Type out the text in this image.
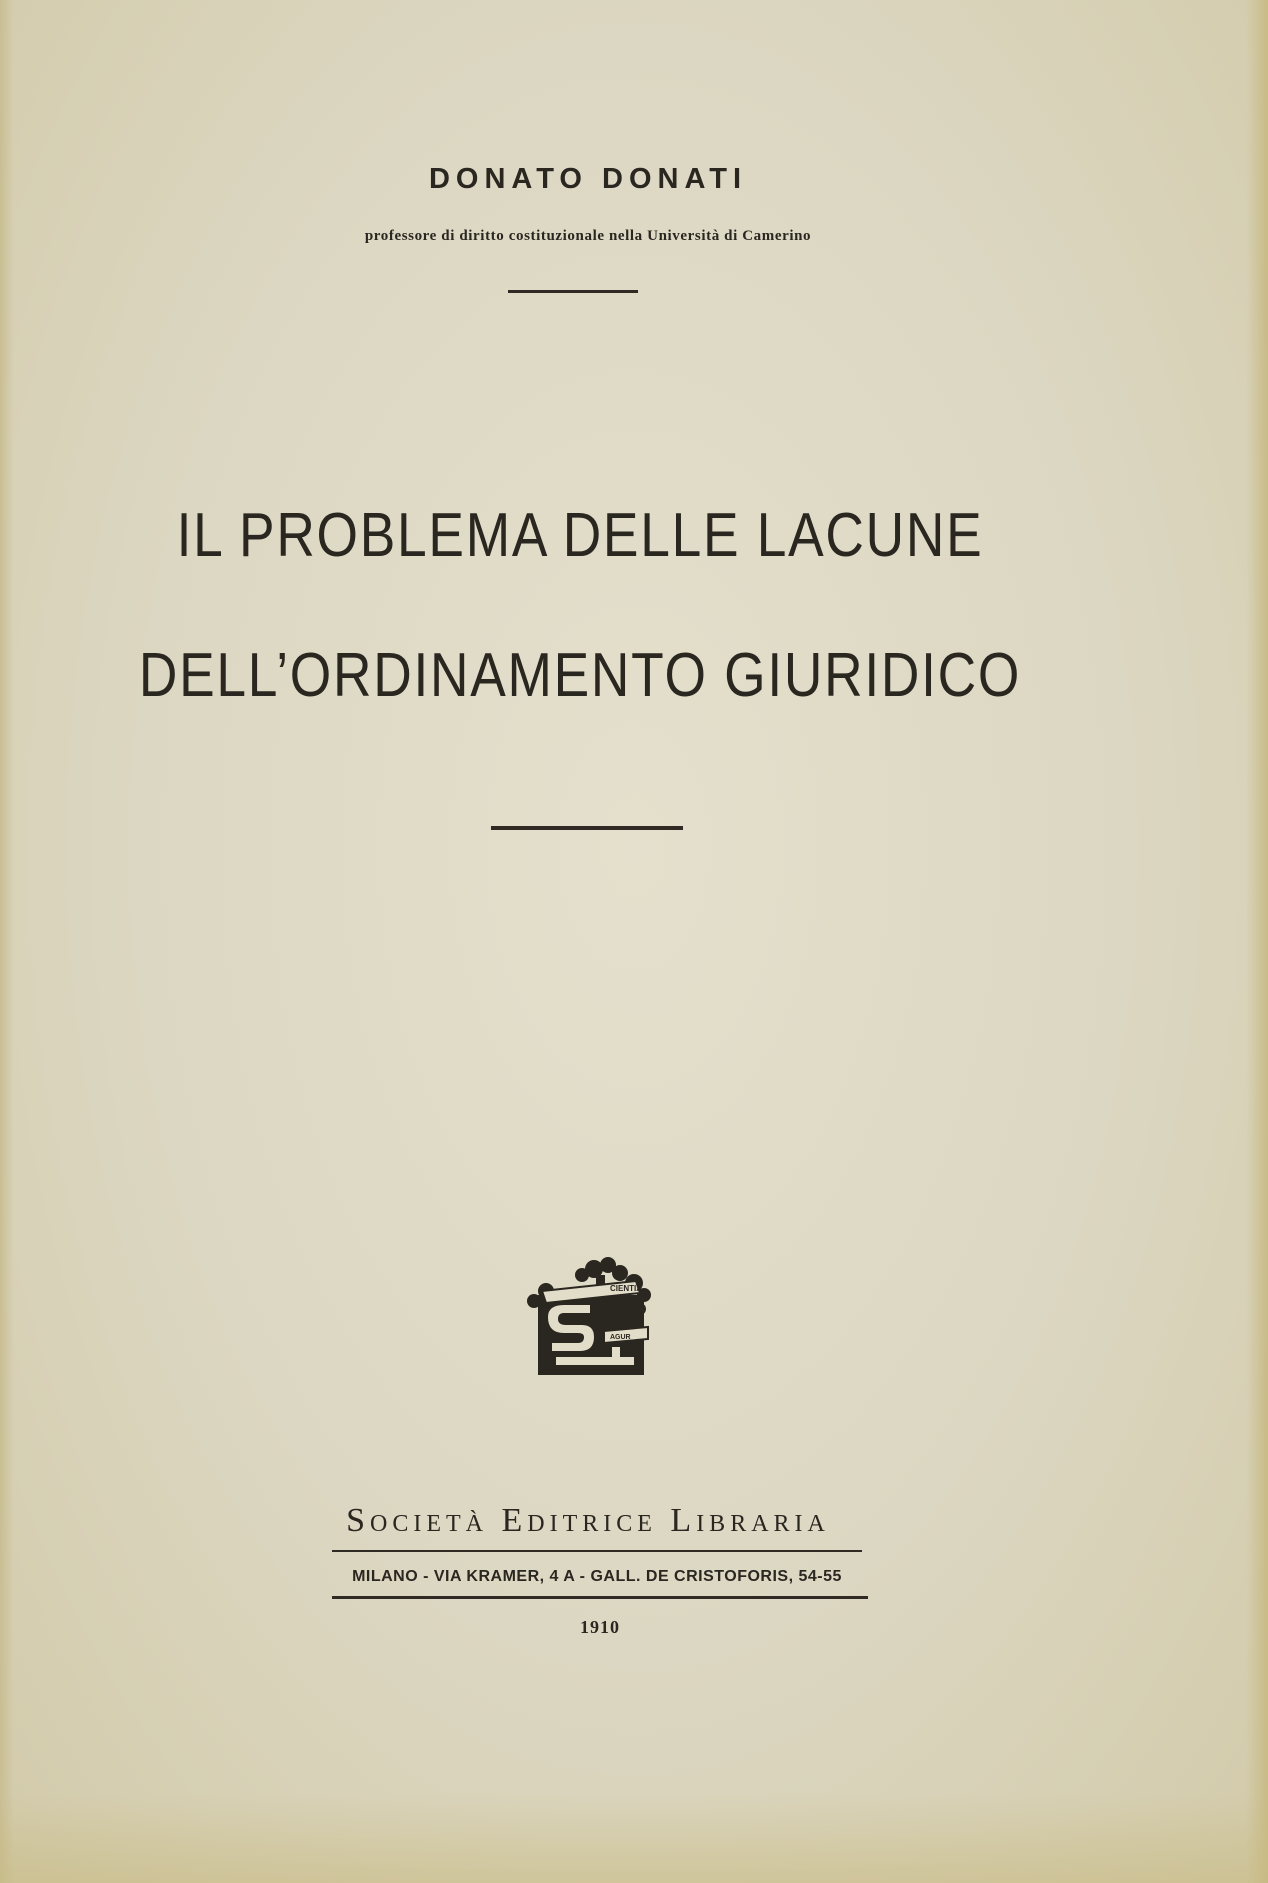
DONATO DONATI
professore di diritto costituzionale nella Università di Camerino
IL PROBLEMA DELLE LACUNE
DELL’ORDINAMENTO GIURIDICO
CIENTIA
AGUR
Società Editrice Libraria
MILANO - VIA KRAMER, 4 A - GALL. DE CRISTOFORIS, 54-55
1910
